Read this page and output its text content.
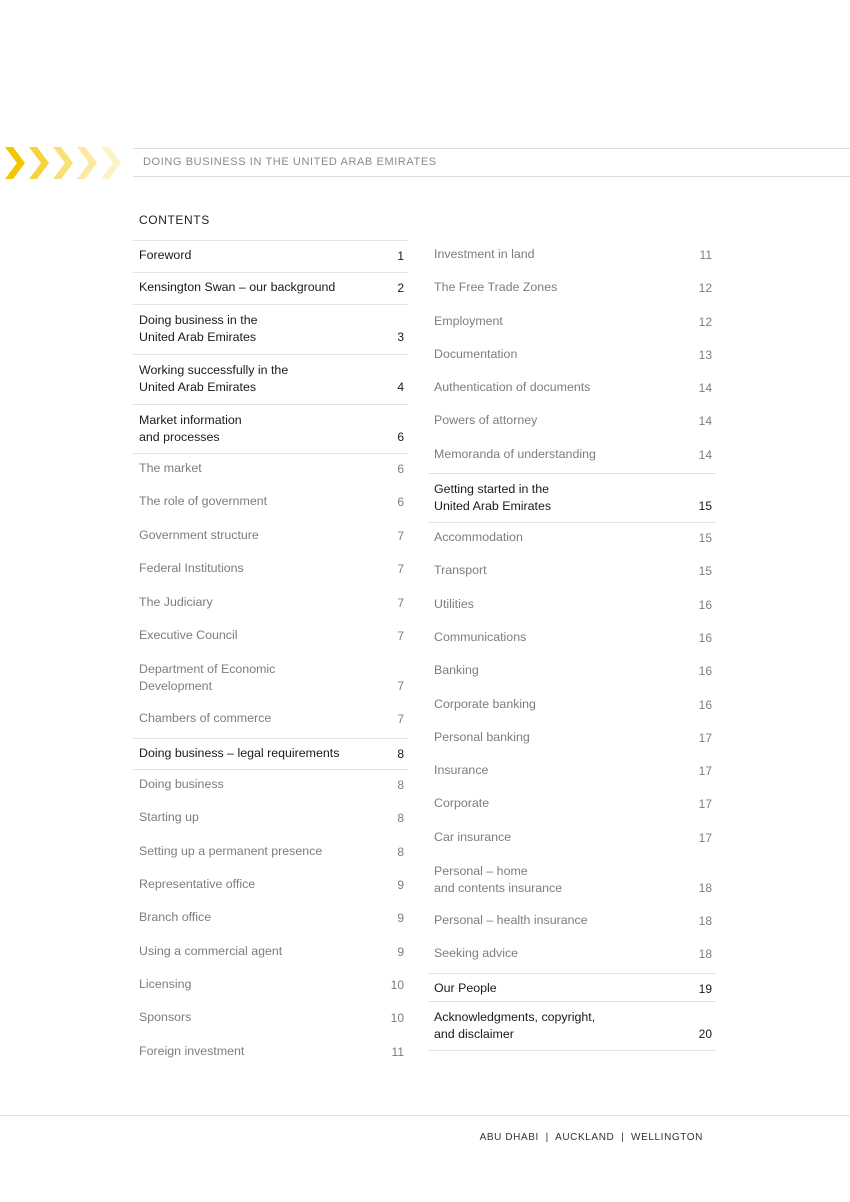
DOING BUSINESS IN THE UNITED ARAB EMIRATES
CONTENTS
Foreword	1
Kensington Swan – our background	2
Doing business in the
United Arab Emirates	3
Working successfully in the
United Arab Emirates	4
Market information
and processes	6
The market	6
The role of government	6
Government structure	7
Federal Institutions	7
The Judiciary	7
Executive Council	7
Department of Economic
Development	7
Chambers of commerce	7
Doing business – legal requirements	8
Doing business	8
Starting up	8
Setting up a permanent presence	8
Representative office	9
Branch office	9
Using a commercial agent	9
Licensing	10
Sponsors	10
Foreign investment	11
Investment in land	11
The Free Trade Zones	12
Employment	12
Documentation	13
Authentication of documents	14
Powers of attorney	14
Memoranda of understanding	14
Getting started in the
United Arab Emirates	15
Accommodation	15
Transport	15
Utilities	16
Communications	16
Banking	16
Corporate banking	16
Personal banking	17
Insurance	17
Corporate	17
Car insurance	17
Personal – home
and contents insurance	18
Personal – health insurance	18
Seeking advice	18
Our People	19
Acknowledgments, copyright,
and disclaimer	20
ABU DHABI  |  AUCKLAND  |  WELLINGTON
